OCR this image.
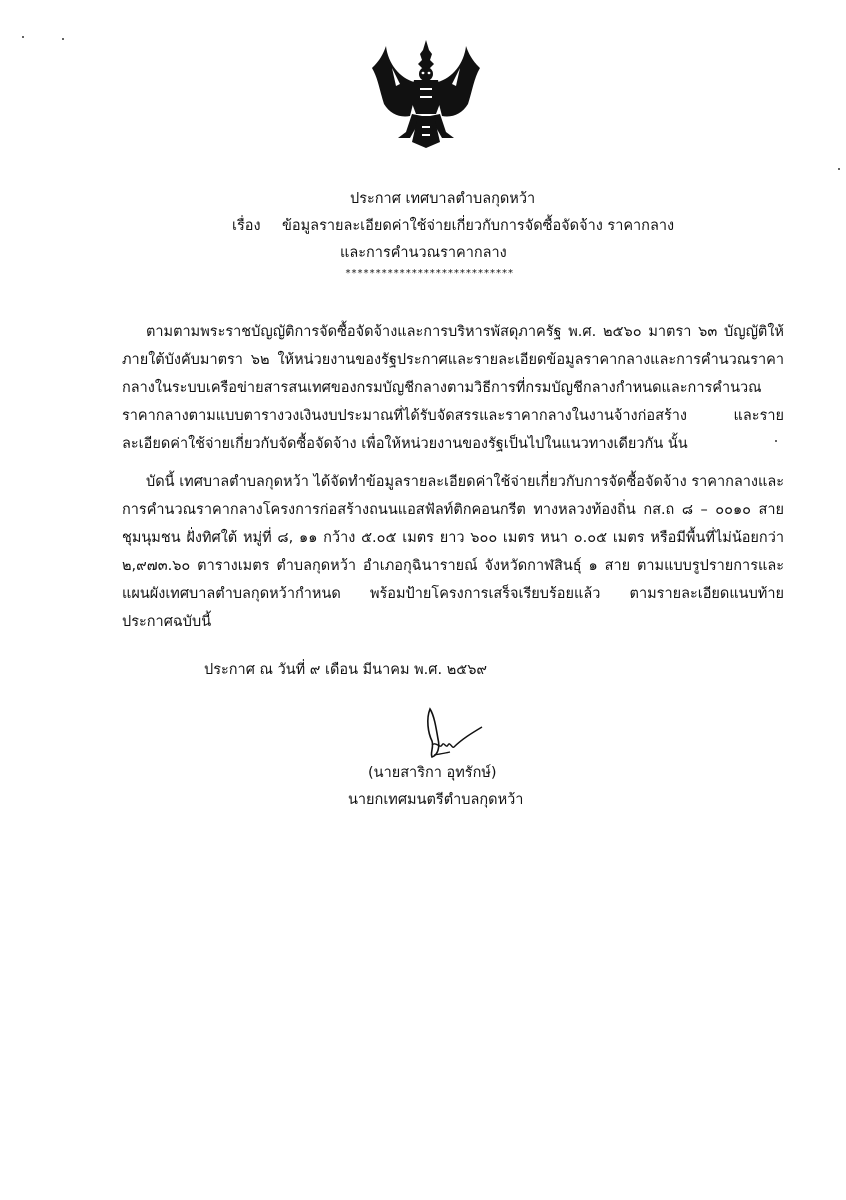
ประกาศ เทศบาลตำบลกุดหว้า
เรื่อง ข้อมูลรายละเอียดค่าใช้จ่ายเกี่ยวกับการจัดซื้อจัดจ้าง ราคากลาง
และการคำนวณราคากลาง
****************************

ตามตามพระราชบัญญัติการจัดซื้อจัดจ้างและการบริหารพัสดุภาครัฐ พ.ศ. ๒๕๖๐ มาตรา ๖๓ บัญญัติให้ภายใต้บังคับมาตรา ๖๒ ให้หน่วยงานของรัฐประกาศและรายละเอียดข้อมูลราคากลางและการคำนวณราคากลางในระบบเครือข่ายสารสนเทศของกรมบัญชีกลางตามวิธีการที่กรมบัญชีกลางกำหนดและการคำนวณราคากลางตามแบบตารางวงเงินงบประมาณที่ได้รับจัดสรรและราคากลางในงานจ้างก่อสร้าง และรายละเอียดค่าใช้จ่ายเกี่ยวกับจัดซื้อจัดจ้าง เพื่อให้หน่วยงานของรัฐเป็นไปในแนวทางเดียวกัน นั้น

บัดนี้ เทศบาลตำบลกุดหว้า ได้จัดทำข้อมูลรายละเอียดค่าใช้จ่ายเกี่ยวกับการจัดซื้อจัดจ้าง ราคากลางและการคำนวณราคากลางโครงการก่อสร้างถนนแอสฟัลท์ติกคอนกรีต ทางหลวงท้องถิ่น กส.ถ ๘ – ๐๐๑๐ สายชุมนุมชน ฝั่งทิศใต้ หมู่ที่ ๘, ๑๑ กว้าง ๕.๐๕ เมตร ยาว ๖๐๐ เมตร หนา ๐.๐๕ เมตร หรือมีพื้นที่ไม่น้อยกว่า ๒,๙๗๓.๖๐ ตารางเมตร ตำบลกุดหว้า อำเภอกุฉินารายณ์ จังหวัดกาฬสินธุ์ ๑ สาย ตามแบบรูปรายการและแผนผังเทศบาลตำบลกุดหว้ากำหนด พร้อมป้ายโครงการเสร็จเรียบร้อยแล้ว ตามรายละเอียดแนบท้ายประกาศฉบับนี้

ประกาศ ณ วันที่ ๙ เดือน มีนาคม พ.ศ. ๒๕๖๙
(นายสาริกา อุทรักษ์)
นายกเทศมนตรีตำบลกุดหว้า
